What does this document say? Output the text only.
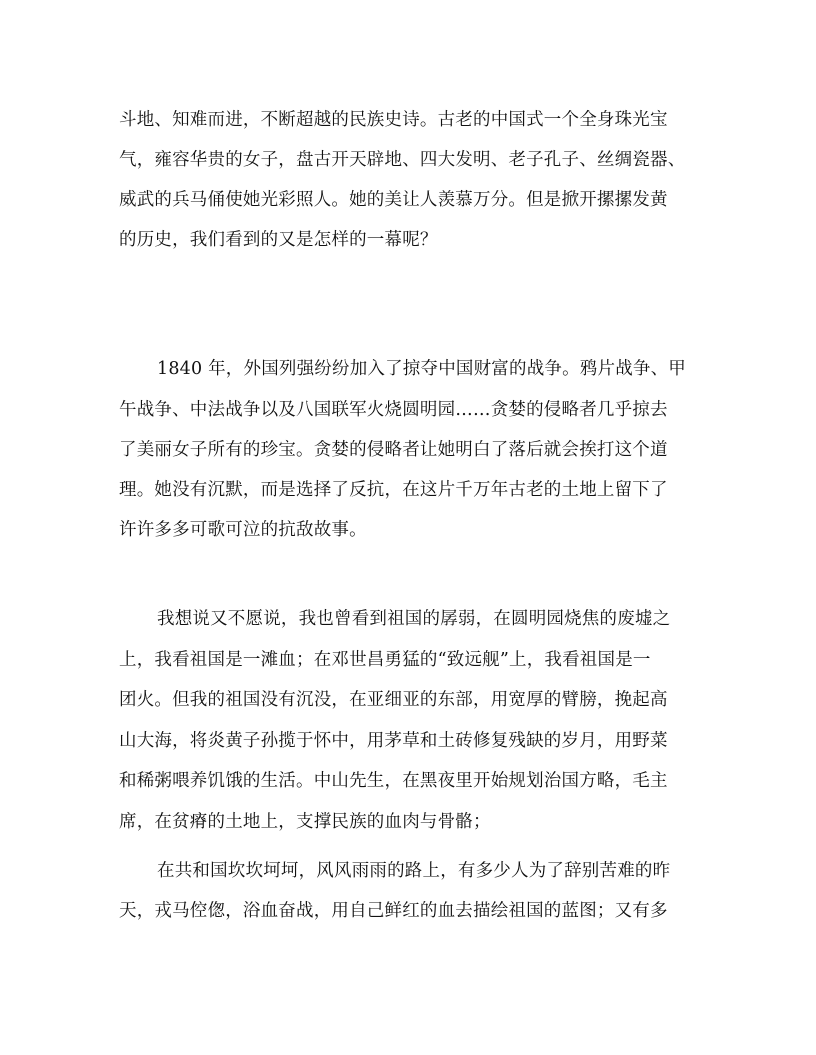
斗地、知难而进，不断超越的民族史诗。古老的中国式一个全身珠光宝
气，雍容华贵的女子，盘古开天辟地、四大发明、老子孔子、丝绸瓷器、
威武的兵马俑使她光彩照人。她的美让人羡慕万分。但是掀开摞摞发黄
的历史，我们看到的又是怎样的一幕呢？
1840 年，外国列强纷纷加入了掠夺中国财富的战争。鸦片战争、甲
午战争、中法战争以及八国联军火烧圆明园……贪婪的侵略者几乎掠去
了美丽女子所有的珍宝。贪婪的侵略者让她明白了落后就会挨打这个道
理。她没有沉默，而是选择了反抗，在这片千万年古老的土地上留下了
许许多多可歌可泣的抗敌故事。
我想说又不愿说，我也曾看到祖国的孱弱，在圆明园烧焦的废墟之
上，我看祖国是一滩血；在邓世昌勇猛的“致远舰”上，我看祖国是一
团火。但我的祖国没有沉没，在亚细亚的东部，用宽厚的臂膀，挽起高
山大海，将炎黄子孙揽于怀中，用茅草和土砖修复残缺的岁月，用野菜
和稀粥喂养饥饿的生活。中山先生，在黑夜里开始规划治国方略，毛主
席，在贫瘠的土地上，支撑民族的血肉与骨骼；
在共和国坎坎坷坷，风风雨雨的路上，有多少人为了辞别苦难的昨
天，戎马倥偬，浴血奋战，用自己鲜红的血去描绘祖国的蓝图；又有多
